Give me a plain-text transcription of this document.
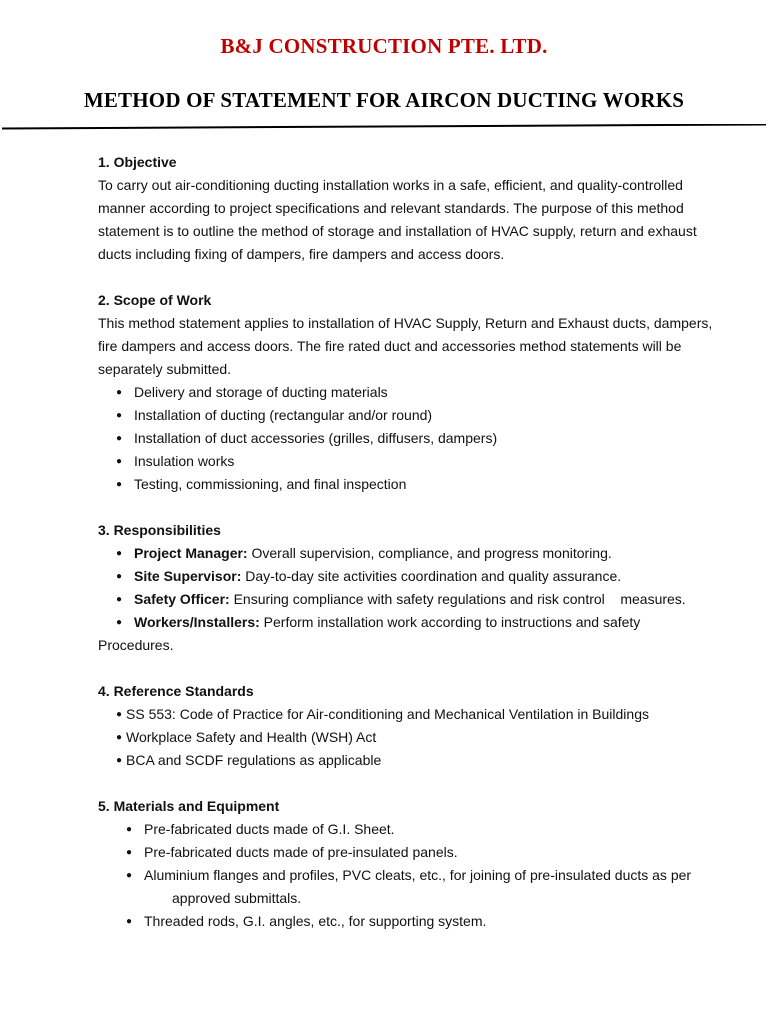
B&J CONSTRUCTION PTE. LTD.
METHOD OF STATEMENT FOR AIRCON DUCTING WORKS

1. Objective

To carry out air-conditioning ducting installation works in a safe, efficient, and quality-controlled

manner according to project specifications and relevant standards. The purpose of this method

statement is to outline the method of storage and installation of HVAC supply, return and exhaust

ducts including fixing of dampers, fire dampers and access doors.

2. Scope of Work

This method statement applies to installation of HVAC Supply, Return and Exhaust ducts, dampers,

fire dampers and access doors. The fire rated duct and accessories method statements will be

separately submitted.

● Delivery and storage of ducting materials
● Installation of ducting (rectangular and/or round)
● Installation of duct accessories (grilles, diffusers, dampers)
● Insulation works
● Testing, commissioning, and final inspection

3. Responsibilities

● Project Manager: Overall supervision, compliance, and progress monitoring.
● Site Supervisor: Day-to-day site activities coordination and quality assurance.
● Safety Officer: Ensuring compliance with safety regulations and risk control    measures.
● Workers/Installers: Perform installation work according to instructions and safety

Procedures.

4. Reference Standards

● SS 553: Code of Practice for Air-conditioning and Mechanical Ventilation in Buildings
● Workplace Safety and Health (WSH) Act
● BCA and SCDF regulations as applicable

5. Materials and Equipment

● Pre-fabricated ducts made of G.I. Sheet.
● Pre-fabricated ducts made of pre-insulated panels.
● Aluminium flanges and profiles, PVC cleats, etc., for joining of pre-insulated ducts as per
approved submittals.
● Threaded rods, G.I. angles, etc., for supporting system.
